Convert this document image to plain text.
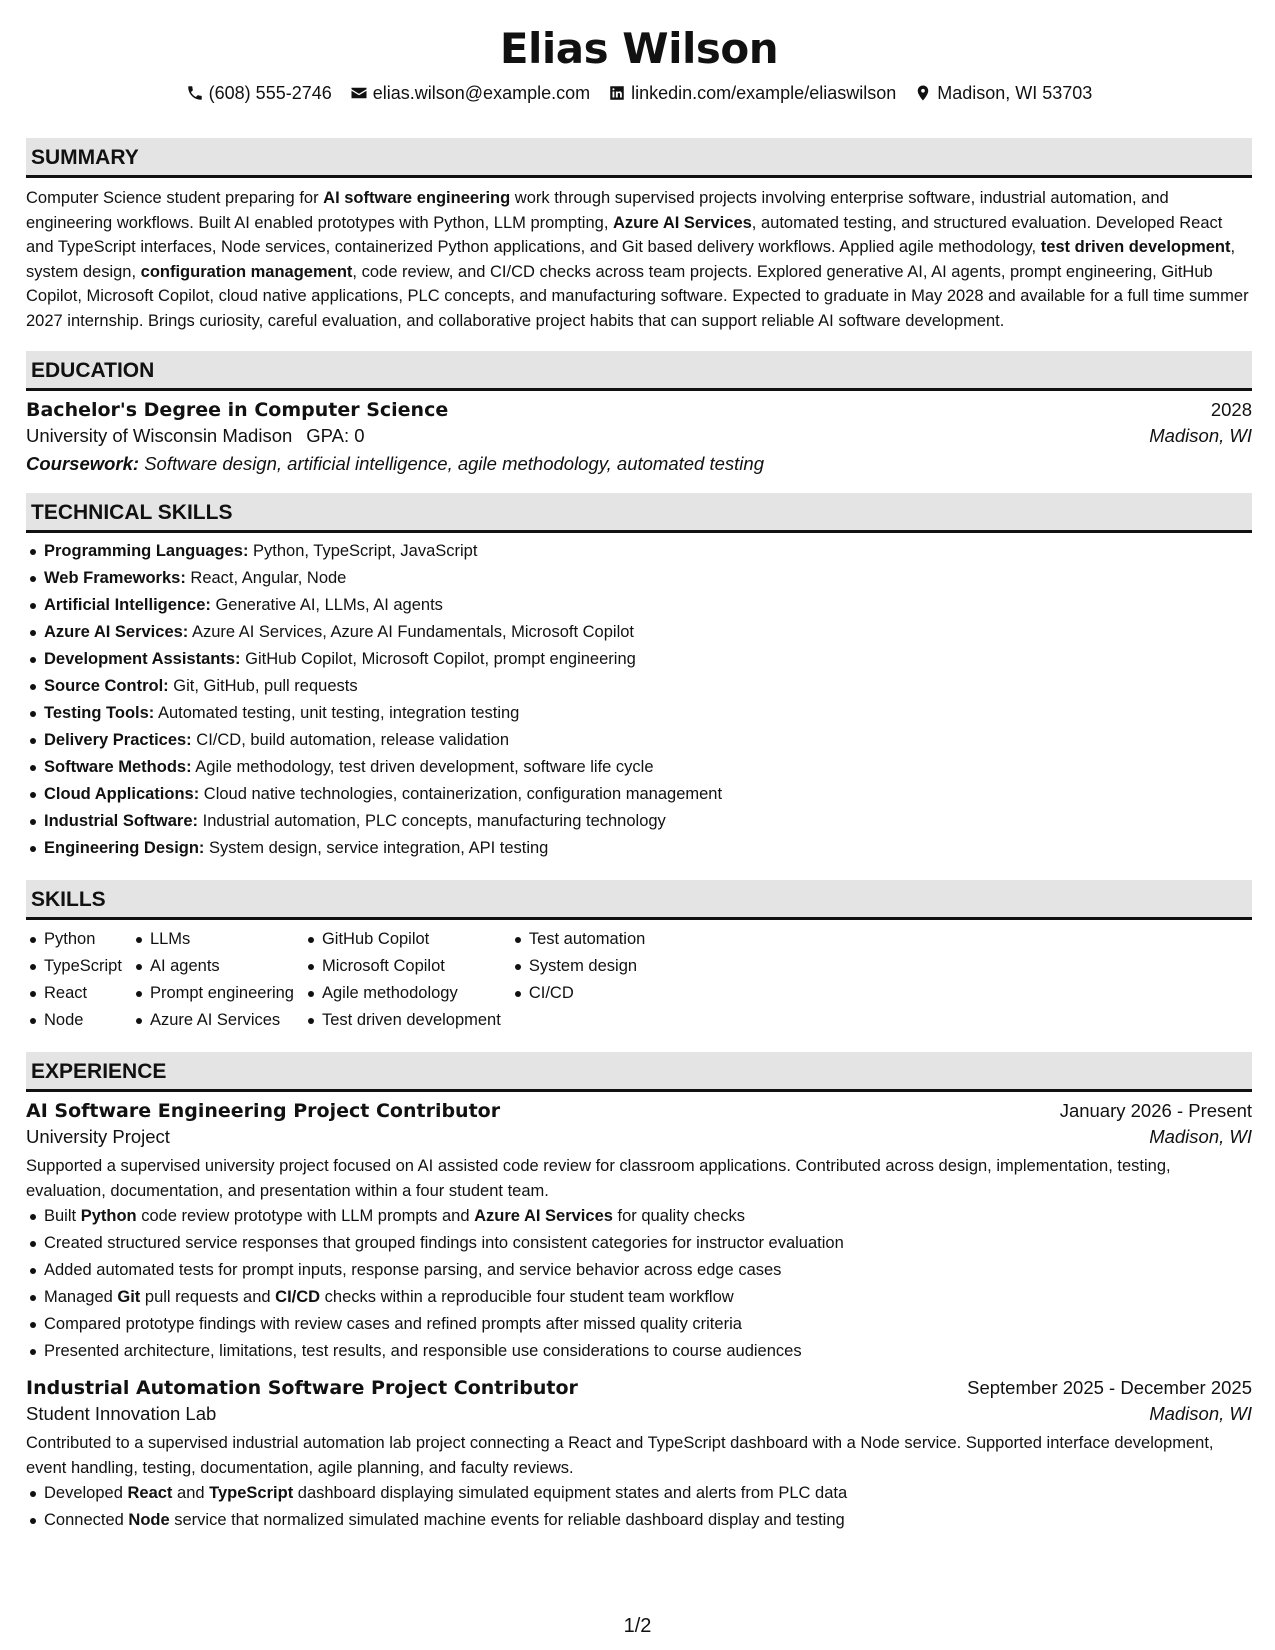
Elias Wilson
(608) 555-2746 elias.wilson@example.com linkedin.com/example/eliaswilson Madison, WI 53703
SUMMARY
Computer Science student preparing for AI software engineering work through supervised projects involving enterprise software, industrial automation, and engineering workflows. Built AI enabled prototypes with Python, LLM prompting, Azure AI Services, automated testing, and structured evaluation. Developed React and TypeScript interfaces, Node services, containerized Python applications, and Git based delivery workflows. Applied agile methodology, test driven development, system design, configuration management, code review, and CI/CD checks across team projects. Explored generative AI, AI agents, prompt engineering, GitHub Copilot, Microsoft Copilot, cloud native applications, PLC concepts, and manufacturing software. Expected to graduate in May 2028 and available for a full time summer 2027 internship. Brings curiosity, careful evaluation, and collaborative project habits that can support reliable AI software development.
EDUCATION
Bachelor's Degree in Computer Science	2028
University of Wisconsin Madison GPA: 0	Madison, WI
Coursework: Software design, artificial intelligence, agile methodology, automated testing
TECHNICAL SKILLS
Programming Languages: Python, TypeScript, JavaScript
Web Frameworks: React, Angular, Node
Artificial Intelligence: Generative AI, LLMs, AI agents
Azure AI Services: Azure AI Services, Azure AI Fundamentals, Microsoft Copilot
Development Assistants: GitHub Copilot, Microsoft Copilot, prompt engineering
Source Control: Git, GitHub, pull requests
Testing Tools: Automated testing, unit testing, integration testing
Delivery Practices: CI/CD, build automation, release validation
Software Methods: Agile methodology, test driven development, software life cycle
Cloud Applications: Cloud native technologies, containerization, configuration management
Industrial Software: Industrial automation, PLC concepts, manufacturing technology
Engineering Design: System design, service integration, API testing
SKILLS
Python
TypeScript
React
Node
LLMs
AI agents
Prompt engineering
Azure AI Services
GitHub Copilot
Microsoft Copilot
Agile methodology
Test driven development
Test automation
System design
CI/CD
EXPERIENCE
AI Software Engineering Project Contributor	January 2026 - Present
University Project	Madison, WI
Supported a supervised university project focused on AI assisted code review for classroom applications. Contributed across design, implementation, testing, evaluation, documentation, and presentation within a four student team.
Built Python code review prototype with LLM prompts and Azure AI Services for quality checks
Created structured service responses that grouped findings into consistent categories for instructor evaluation
Added automated tests for prompt inputs, response parsing, and service behavior across edge cases
Managed Git pull requests and CI/CD checks within a reproducible four student team workflow
Compared prototype findings with review cases and refined prompts after missed quality criteria
Presented architecture, limitations, test results, and responsible use considerations to course audiences
Industrial Automation Software Project Contributor	September 2025 - December 2025
Student Innovation Lab	Madison, WI
Contributed to a supervised industrial automation lab project connecting a React and TypeScript dashboard with a Node service. Supported interface development, event handling, testing, documentation, agile planning, and faculty reviews.
Developed React and TypeScript dashboard displaying simulated equipment states and alerts from PLC data
Connected Node service that normalized simulated machine events for reliable dashboard display and testing
1/2
